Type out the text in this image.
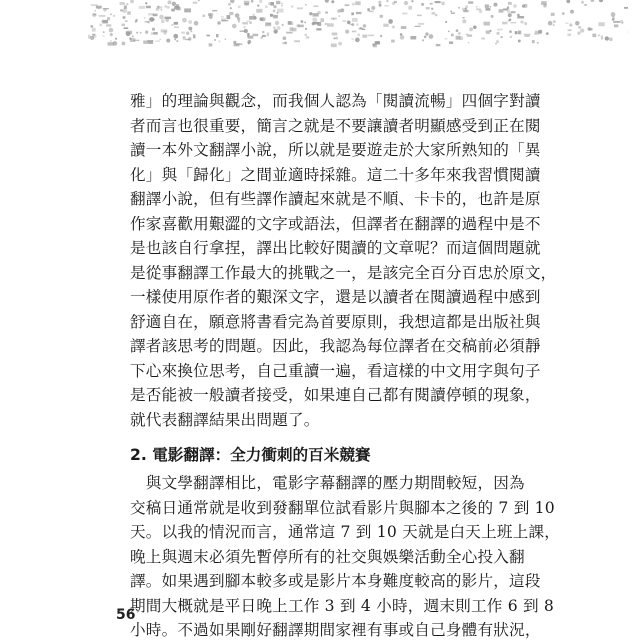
雅」的理論與觀念，而我個人認為「閱讀流暢」四個字對讀
者而言也很重要，簡言之就是不要讓讀者明顯感受到正在閱
讀一本外文翻譯小說，所以就是要遊走於大家所熟知的「異
化」與「歸化」之間並適時採雜。這二十多年來我習慣閱讀
翻譯小說，但有些譯作讀起來就是不順、卡卡的，也許是原
作家喜歡用艱澀的文字或語法，但譯者在翻譯的過程中是不
是也該自行拿捏，譯出比較好閱讀的文章呢？而這個問題就
是從事翻譯工作最大的挑戰之一，是該完全百分百忠於原文，
一樣使用原作者的艱深文字，還是以讀者在閱讀過程中感到
舒適自在，願意將書看完為首要原則，我想這都是出版社與
譯者該思考的問題。因此，我認為每位譯者在交稿前必須靜
下心來換位思考，自己重讀一遍，看這樣的中文用字與句子
是否能被一般讀者接受，如果連自己都有閱讀停頓的現象，
就代表翻譯結果出問題了。

2. 電影翻譯：全力衝刺的百米競賽

　與文學翻譯相比，電影字幕翻譯的壓力期間較短，因為
交稿日通常就是收到發翻單位試看影片與腳本之後的 7 到 10
天。以我的情況而言，通常這 7 到 10 天就是白天上班上課，
晚上與週末必須先暫停所有的社交與娛樂活動全心投入翻
譯。如果遇到腳本較多或是影片本身難度較高的影片，這段
期間大概就是平日晚上工作 3 到 4 小時，週末則工作 6 到 8
小時。不過如果剛好翻譯期間家裡有事或自己身體有狀況，

56
